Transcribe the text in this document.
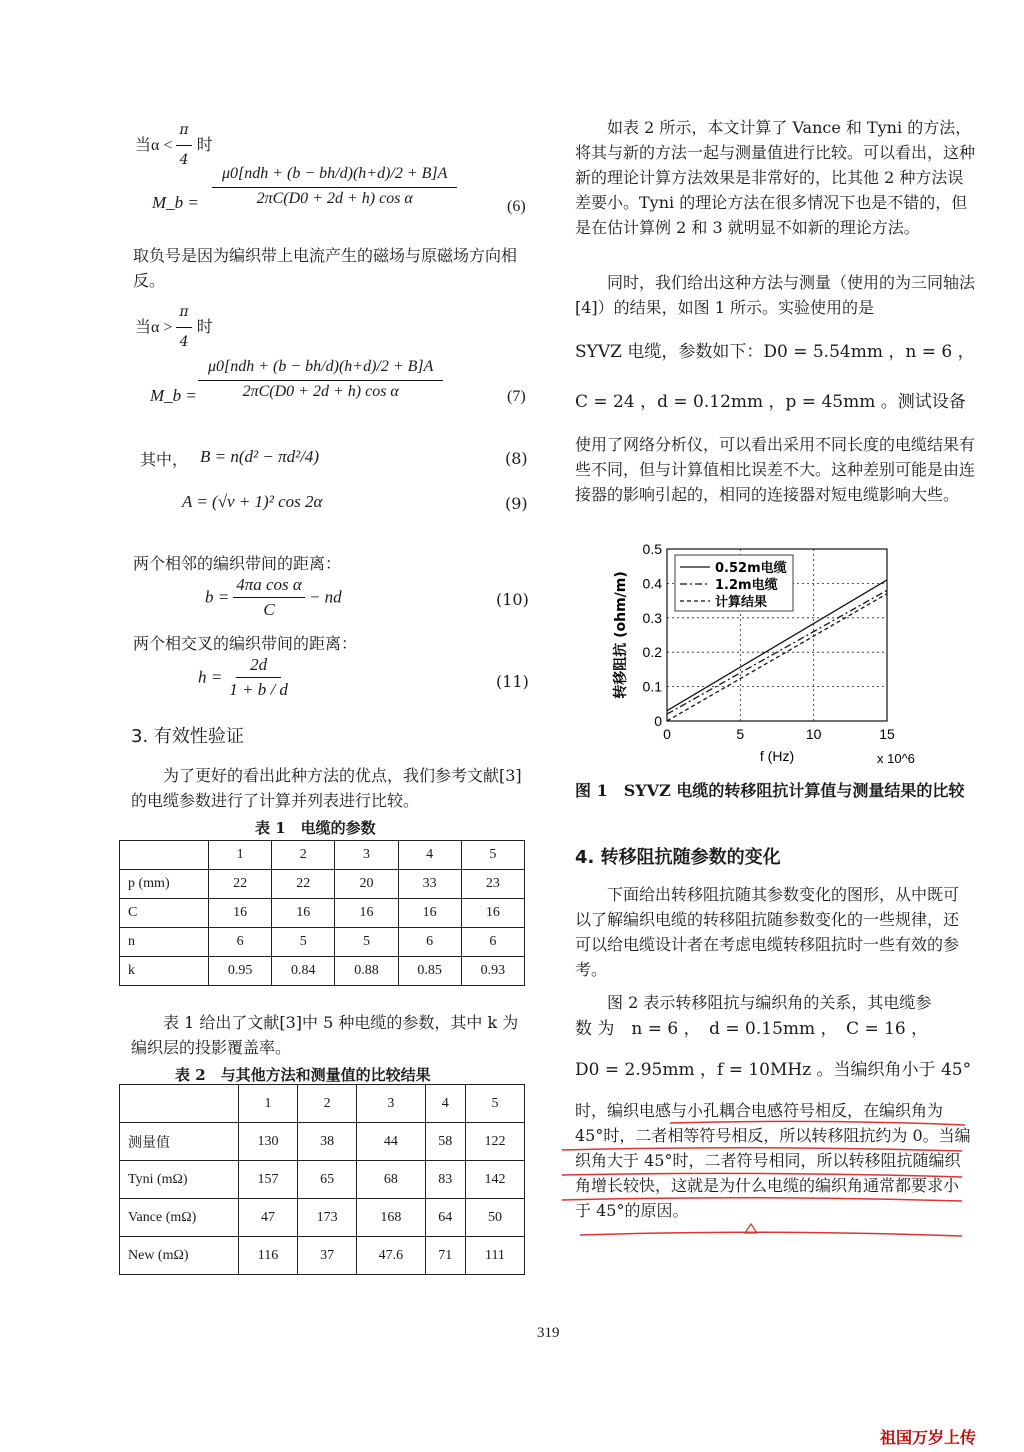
当$\alpha < \frac{\pi}{4}$ 时
M_b =
μ0[ndh + (b − bh/d)(h+d)/2 + B]A
2πC(D0 + 2d + h) cos α	(6)
取负号是因为编织带上电流产生的磁场与原磁场方向相反。
当$\alpha > \frac{\pi}{4}$ 时
M_b =
μ0[ndh + (b − bh/d)(h+d)/2 + B]A
2πC(D0 + 2d + h) cos α	(7)
其中， B = n(d² − πd²/4)	(8)
A = (√v + 1)² cos 2α	(9)
两个相邻的编织带间的距离：
$b = \frac{\text{4πa cos α}}{C}$ − nd	(10)
两个相交叉的编织带间的距离：
$h = \frac{2d}{1 + b / d}$	(11)
3. 有效性验证
为了更好的看出此种方法的优点，我们参考文献[3]的电缆参数进行了计算并列表进行比较。
表 1　电缆的参数
	1	2	3	4	5
p (mm)	22	22	20	33	23
C	16	16	16	16	16
n	6	5	5	6	6
k	0.95	0.84	0.88	0.85	0.93
表 1 给出了文献[3]中 5 种电缆的参数，其中 k 为编织层的投影覆盖率。
表 2　与其他方法和测量值的比较结果
	1	2	3	4	5
测量值	130	38	44	58	122
Tyni (mΩ)	157	65	68	83	142
Vance (mΩ)	47	173	168	64	50
New (mΩ)	116	37	47.6	71	111
如表 2 所示，本文计算了 Vance 和 Tyni 的方法，将其与新的方法一起与测量值进行比较。可以看出，这种新的理论计算方法效果是非常好的，比其他 2 种方法误差要小。Tyni 的理论方法在很多情况下也是不错的，但是在估计算例 2 和 3 就明显不如新的理论方法。
同时，我们给出这种方法与测量（使用的为三同轴法[4]）的结果，如图 1 所示。实验使用的是
SYVZ 电缆，参数如下：D0 = 5.54mm ，n = 6 ，
C = 24 ，d = 0.12mm ，p = 45mm 。测试设备
使用了网络分析仪，可以看出采用不同长度的电缆结果有些不同，但与计算值相比误差不大。这种差别可能是由连接器的影响引起的，相同的连接器对短电缆影响大些。
0	5	10	15
0
0.1
0.2
0.3
0.4
0.5
0.52m电缆
1.2m电缆
计算结果
f (Hz)	x 10^6
转移阻抗 (ohm/m)
图 1　SYVZ 电缆的转移阻抗计算值与测量结果的比较
4. 转移阻抗随参数的变化
下面给出转移阻抗随其参数变化的图形，从中既可以了解编织电缆的转移阻抗随参数变化的一些规律，还可以给电缆设计者在考虑电缆转移阻抗时一些有效的参考。
图 2 表示转移阻抗与编织角的关系，其电缆参
数 为　n = 6 ，　d = 0.15mm ，　C = 16 ，
D0 = 2.95mm ，f = 10MHz 。当编织角小于 45°
时，编织电感与小孔耦合电感符号相反，在编织角为 45°时，二者相等符号相反，所以转移阻抗约为 0。当编织角大于 45°时，二者符号相同，所以转移阻抗随编织角增长较快，这就是为什么电缆的编织角通常都要求小于 45°的原因。
319
祖国万岁上传
